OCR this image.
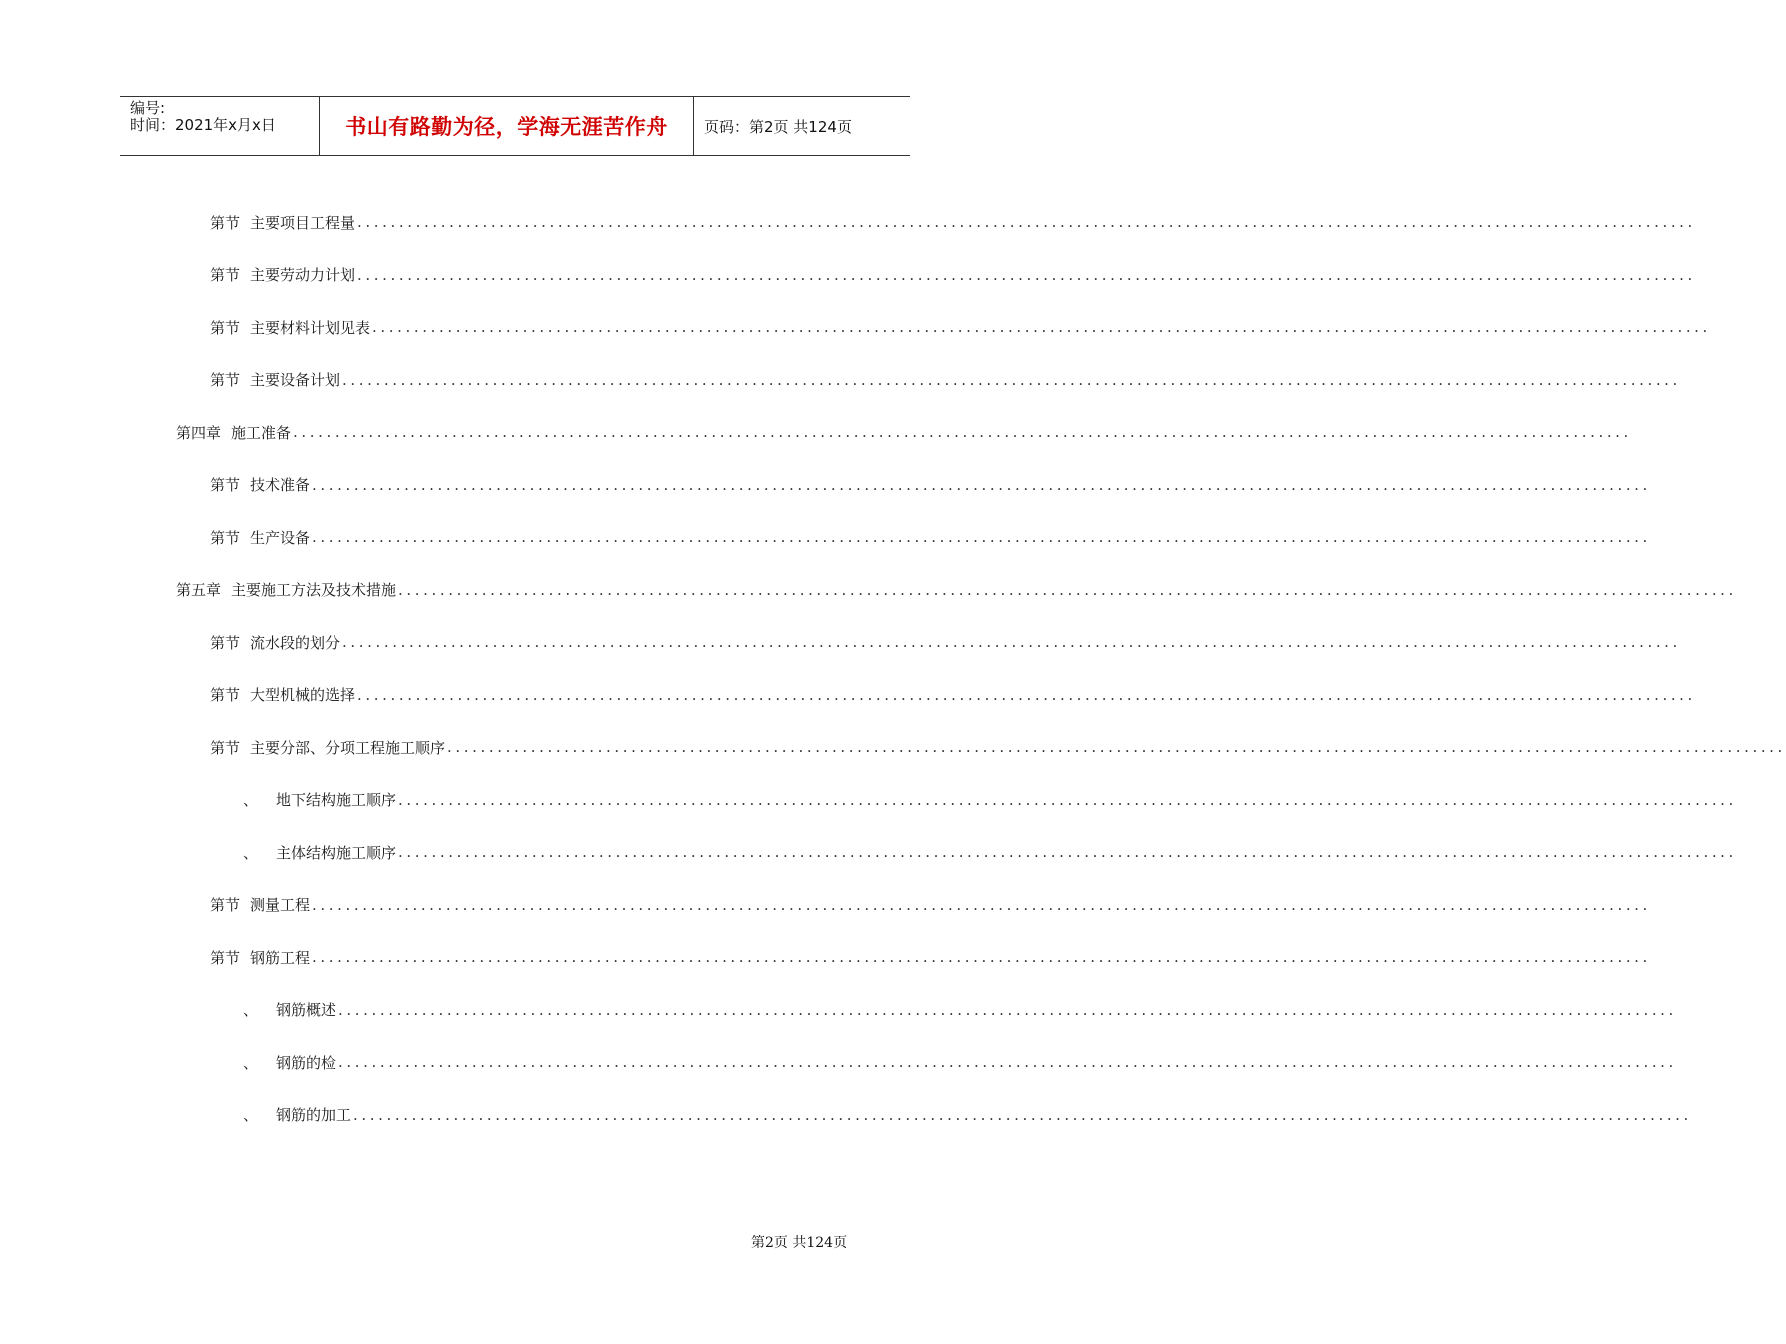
编号:
时间：2021年x月x日	书山有路勤为径，学海无涯苦作舟	页码：第2页 共124页
第节 主要项目工程量 ................................................................................................................................................................
第节 主要劳动力计划 ................................................................................................................................................................
第节 主要材料计划见表 ................................................................................................................................................................
第节 主要设备计划 ................................................................................................................................................................
第四章 施工准备 ................................................................................................................................................................
第节 技术准备 ................................................................................................................................................................
第节 生产设备 ................................................................................................................................................................
第五章 主要施工方法及技术措施 ................................................................................................................................................................
第节 流水段的划分 ................................................................................................................................................................
第节 大型机械的选择 ................................................................................................................................................................
第节 主要分部、分项工程施工顺序 ................................................................................................................................................................
、 地下结构施工顺序 ................................................................................................................................................................
、 主体结构施工顺序 ................................................................................................................................................................
第节 测量工程 ................................................................................................................................................................
第节 钢筋工程 ................................................................................................................................................................
、 钢筋概述 ................................................................................................................................................................
、 钢筋的检 ................................................................................................................................................................
、 钢筋的加工 ................................................................................................................................................................
第2页 共124页
